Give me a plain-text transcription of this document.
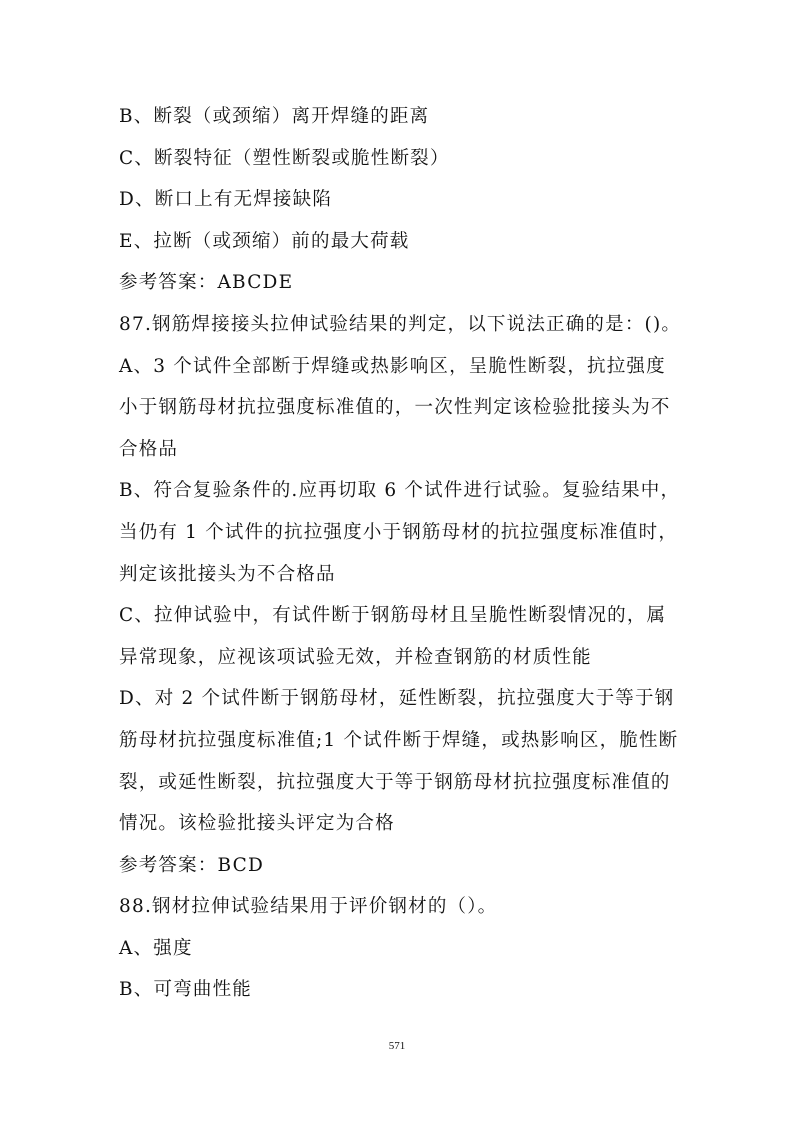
B、断裂（或颈缩）离开焊缝的距离
C、断裂特征（塑性断裂或脆性断裂）
D、断口上有无焊接缺陷
E、拉断（或颈缩）前的最大荷载
参考答案：ABCDE
87.钢筋焊接接头拉伸试验结果的判定，以下说法正确的是：()。
A、3 个试件全部断于焊缝或热影响区，呈脆性断裂，抗拉强度
小于钢筋母材抗拉强度标准值的，一次性判定该检验批接头为不
合格品
B、符合复验条件的.应再切取 6 个试件进行试验。复验结果中，
当仍有 1 个试件的抗拉强度小于钢筋母材的抗拉强度标准值时，
判定该批接头为不合格品
C、拉伸试验中，有试件断于钢筋母材且呈脆性断裂情况的，属
异常现象，应视该项试验无效，并检查钢筋的材质性能
D、对 2 个试件断于钢筋母材，延性断裂，抗拉强度大于等于钢
筋母材抗拉强度标准值;1 个试件断于焊缝，或热影响区，脆性断
裂，或延性断裂，抗拉强度大于等于钢筋母材抗拉强度标准值的
情况。该检验批接头评定为合格
参考答案：BCD
88.钢材拉伸试验结果用于评价钢材的（）。
A、强度
B、可弯曲性能
571
